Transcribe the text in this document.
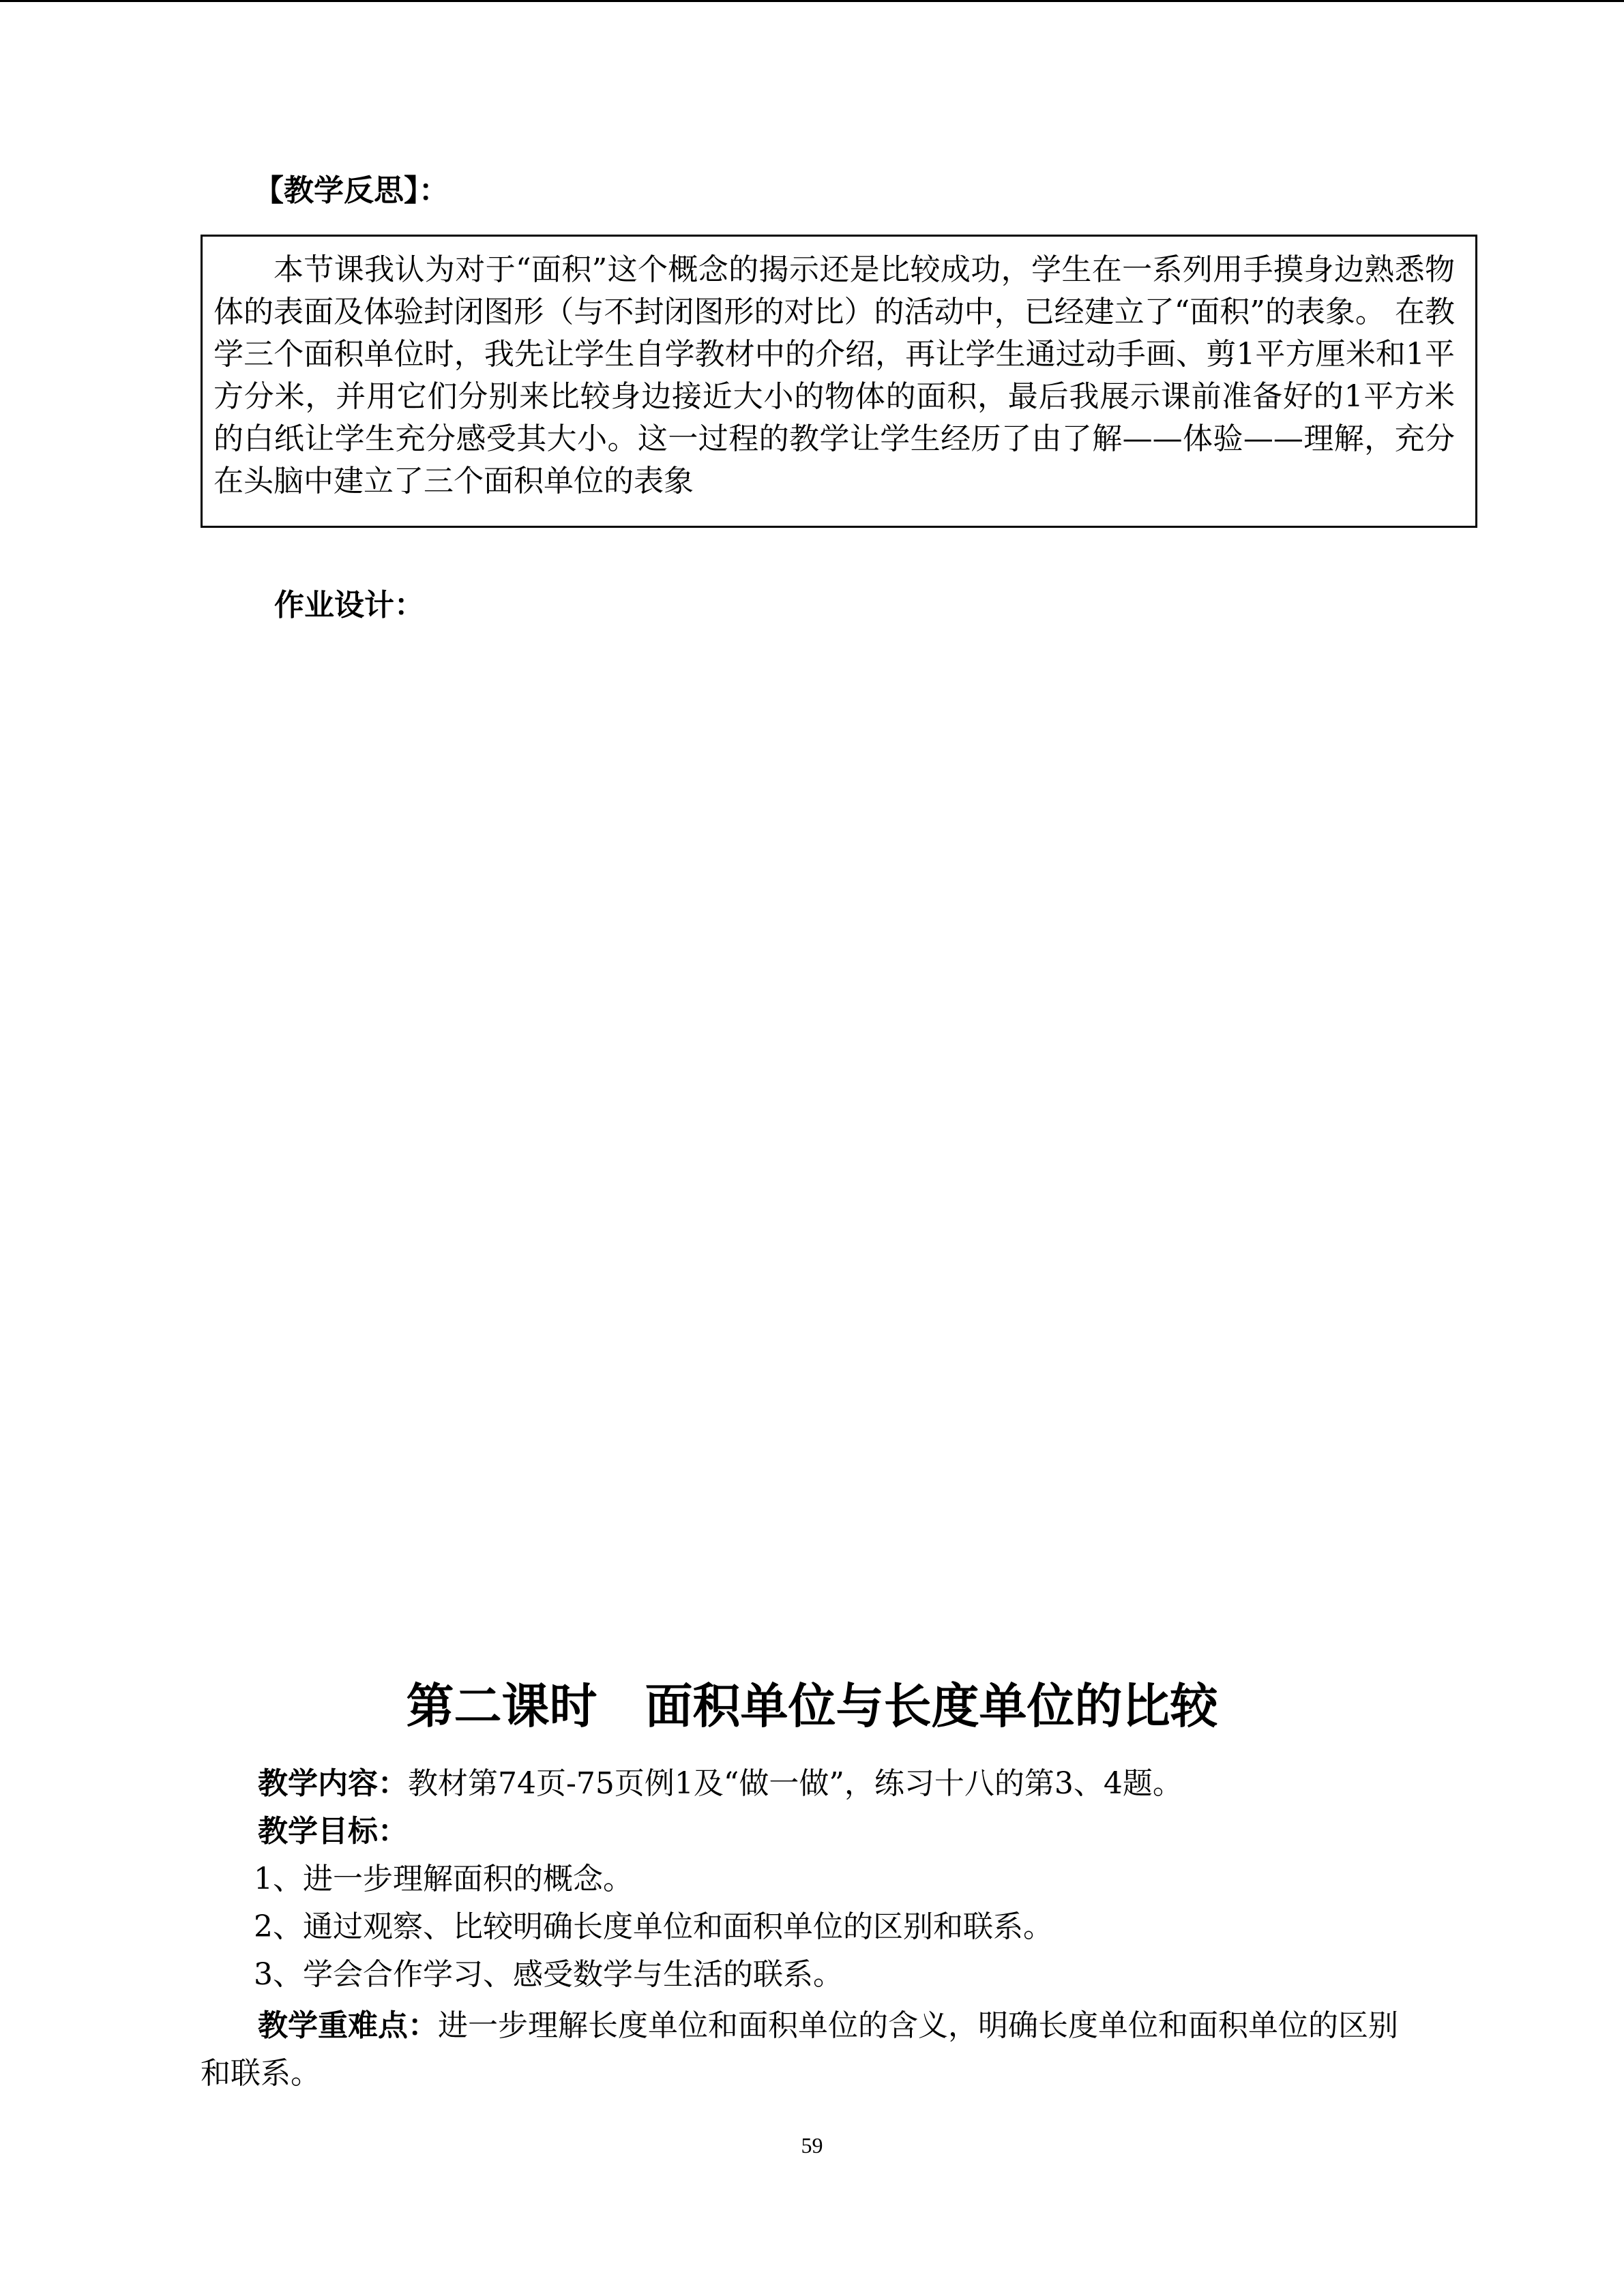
【教学反思】：

本节课我认为对于“面积”这个概念的揭示还是比较成功，学生在一系列用手摸身边熟悉物体的表面及体验封闭图形（与不封闭图形的对比）的活动中，已经建立了“面积”的表象。 在教学三个面积单位时，我先让学生自学教材中的介绍，再让学生通过动手画、剪1平方厘米和1平方分米，并用它们分别来比较身边接近大小的物体的面积，最后我展示课前准备好的1平方米的白纸让学生充分感受其大小。这一过程的教学让学生经历了由了解——体验——理解，充分在头脑中建立了三个面积单位的表象

作业设计：
第二课时　面积单位与长度单位的比较
教学内容：教材第74页-75页例1及“做一做”，练习十八的第3、4题。
教学目标：
1、进一步理解面积的概念。
2、通过观察、比较明确长度单位和面积单位的区别和联系。
3、学会合作学习、感受数学与生活的联系。

教学重难点：进一步理解长度单位和面积单位的含义，明确长度单位和面积单位的区别和联系。

59
